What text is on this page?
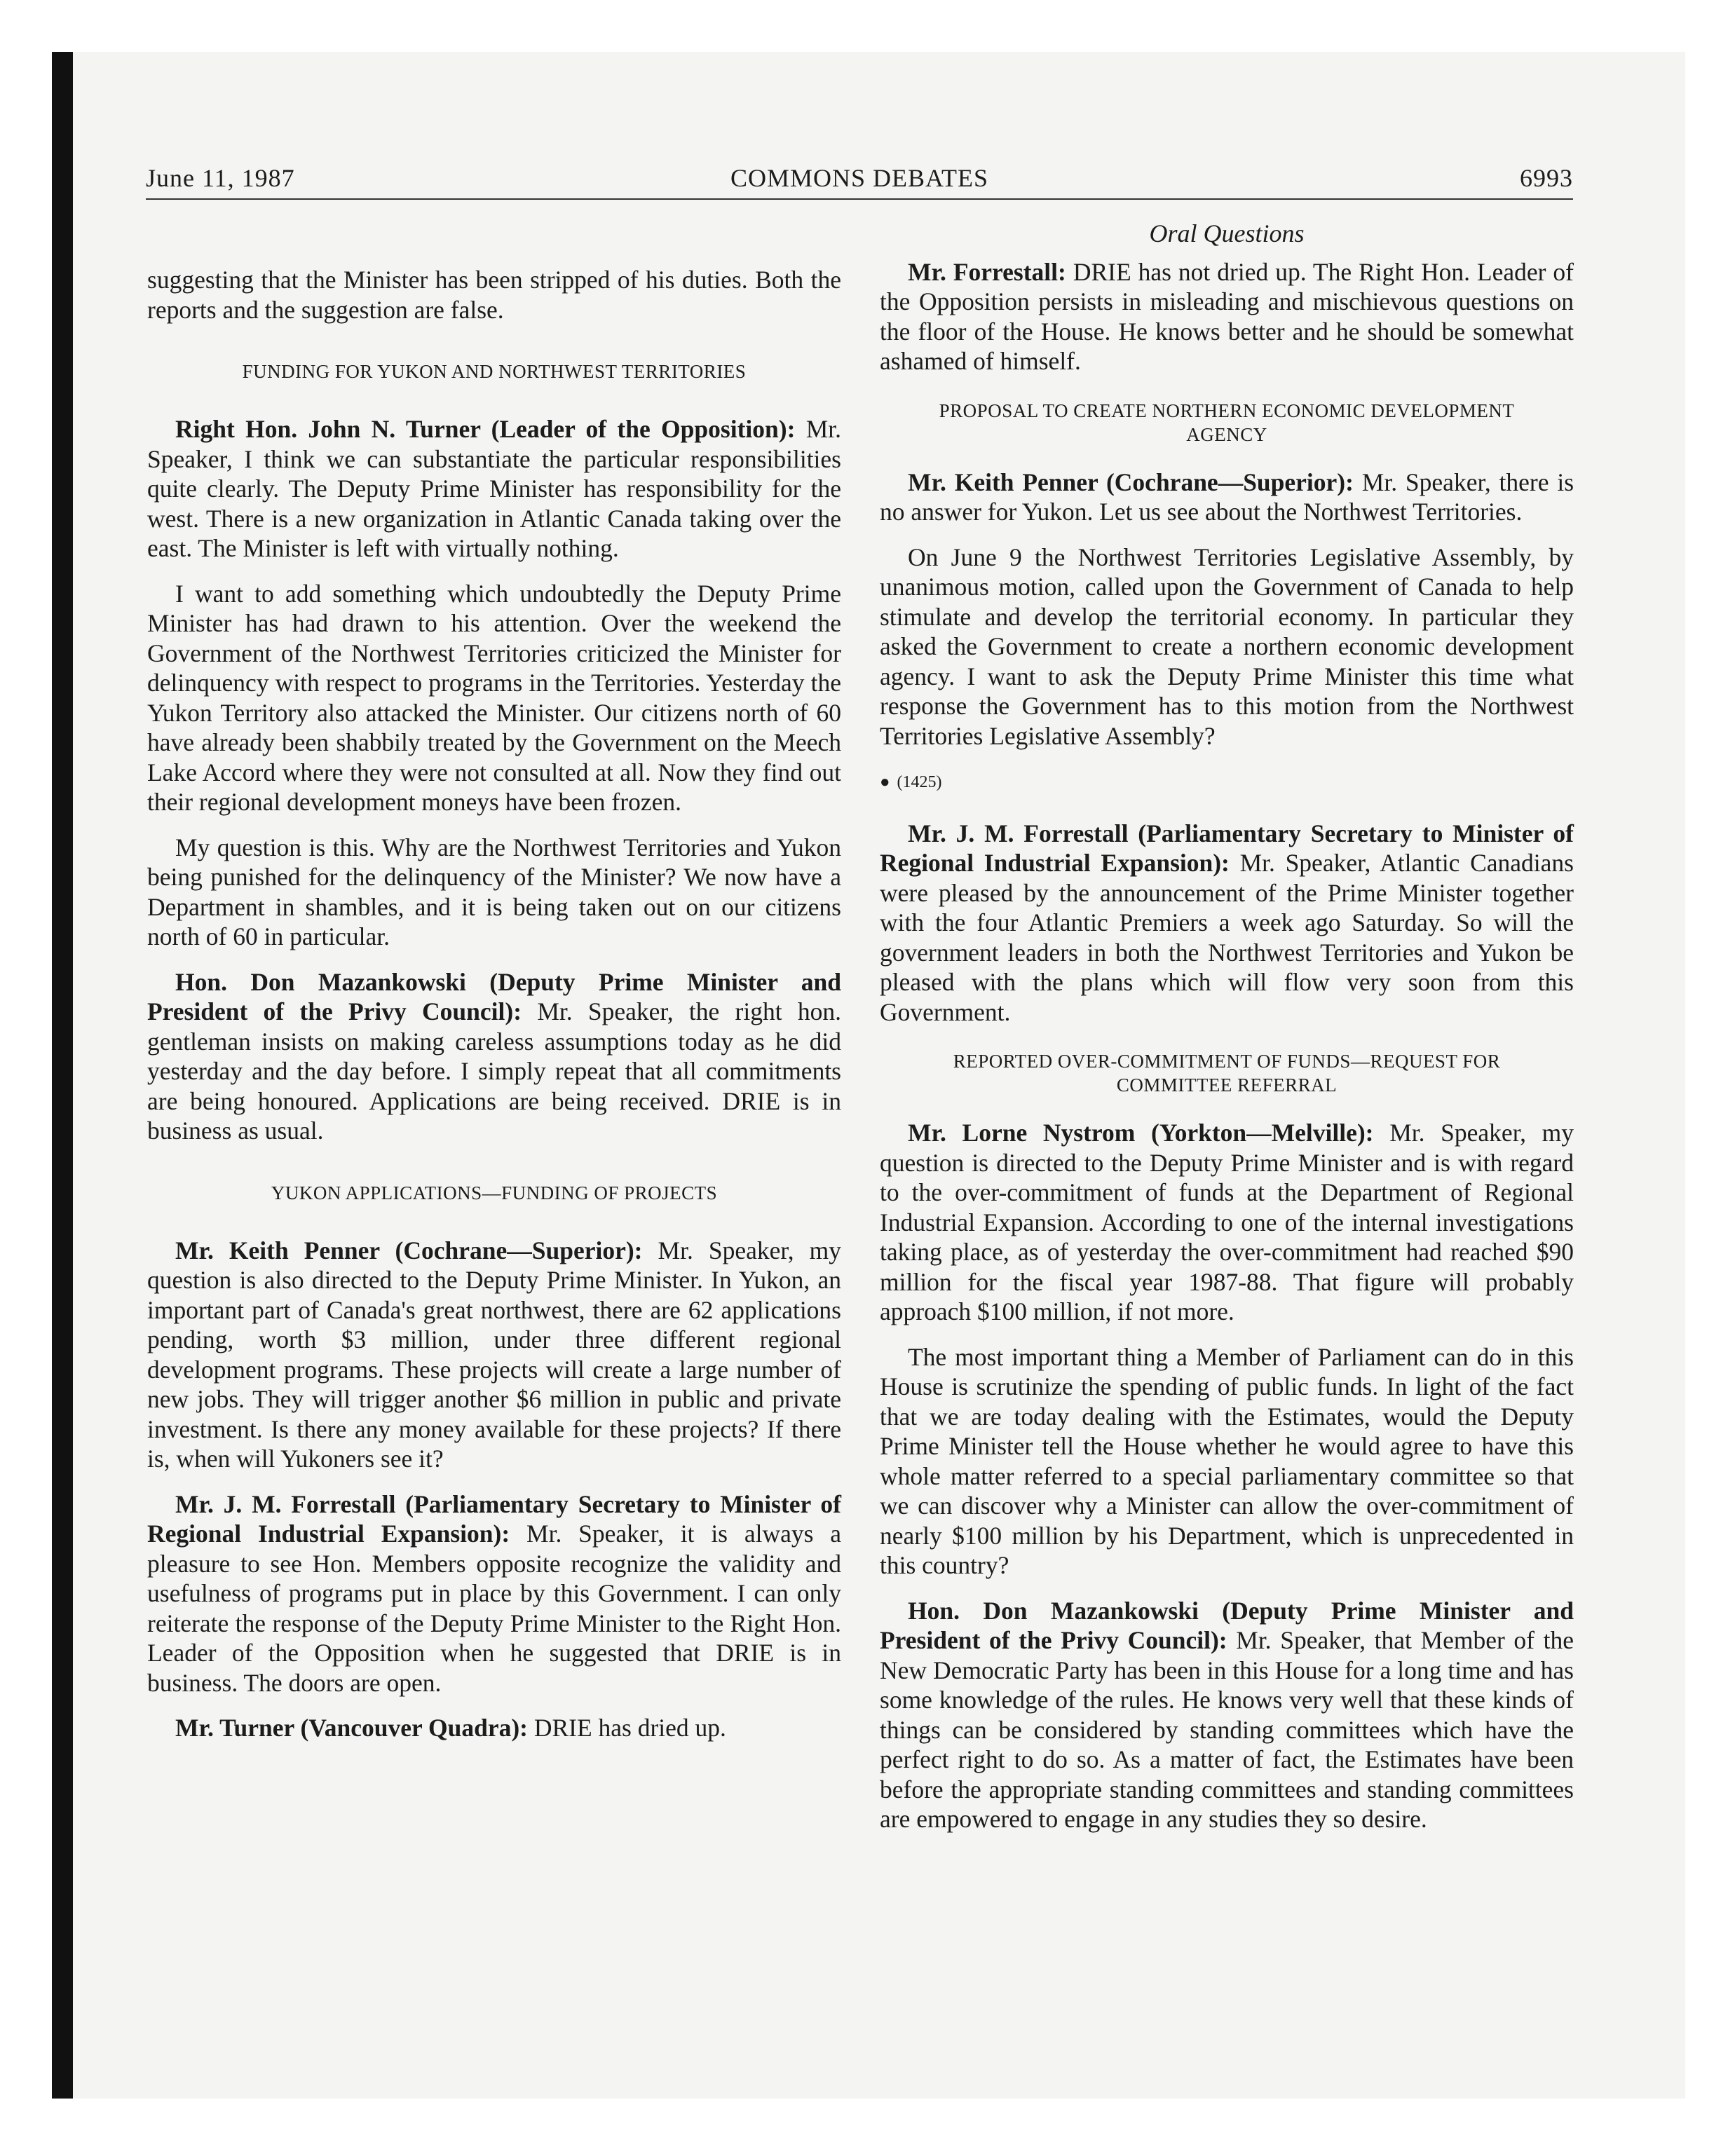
June 11, 1987	COMMONS DEBATES	6993

suggesting that the Minister has been stripped of his duties. Both the reports and the suggestion are false.

FUNDING FOR YUKON AND NORTHWEST TERRITORIES

Right Hon. John N. Turner (Leader of the Opposition): Mr. Speaker, I think we can substantiate the particular responsibilities quite clearly. The Deputy Prime Minister has responsibility for the west. There is a new organization in Atlantic Canada taking over the east. The Minister is left with virtually nothing.

I want to add something which undoubtedly the Deputy Prime Minister has had drawn to his attention. Over the weekend the Government of the Northwest Territories criticized the Minister for delinquency with respect to programs in the Territories. Yesterday the Yukon Territory also attacked the Minister. Our citizens north of 60 have already been shabbily treated by the Government on the Meech Lake Accord where they were not consulted at all. Now they find out their regional development moneys have been frozen.

My question is this. Why are the Northwest Territories and Yukon being punished for the delinquency of the Minister? We now have a Department in shambles, and it is being taken out on our citizens north of 60 in particular.

Hon. Don Mazankowski (Deputy Prime Minister and President of the Privy Council): Mr. Speaker, the right hon. gentleman insists on making careless assumptions today as he did yesterday and the day before. I simply repeat that all commitments are being honoured. Applications are being received. DRIE is in business as usual.

YUKON APPLICATIONS—FUNDING OF PROJECTS

Mr. Keith Penner (Cochrane—Superior): Mr. Speaker, my question is also directed to the Deputy Prime Minister. In Yukon, an important part of Canada's great northwest, there are 62 applications pending, worth $3 million, under three different regional development programs. These projects will create a large number of new jobs. They will trigger another $6 million in public and private investment. Is there any money available for these projects? If there is, when will Yukoners see it?

Mr. J. M. Forrestall (Parliamentary Secretary to Minister of Regional Industrial Expansion): Mr. Speaker, it is always a pleasure to see Hon. Members opposite recognize the validity and usefulness of programs put in place by this Government. I can only reiterate the response of the Deputy Prime Minister to the Right Hon. Leader of the Opposition when he suggested that DRIE is in business. The doors are open.

Mr. Turner (Vancouver Quadra): DRIE has dried up.

Oral Questions

Mr. Forrestall: DRIE has not dried up. The Right Hon. Leader of the Opposition persists in misleading and mischievous questions on the floor of the House. He knows better and he should be somewhat ashamed of himself.

PROPOSAL TO CREATE NORTHERN ECONOMIC DEVELOPMENT
AGENCY

Mr. Keith Penner (Cochrane—Superior): Mr. Speaker, there is no answer for Yukon. Let us see about the Northwest Territories.

On June 9 the Northwest Territories Legislative Assembly, by unanimous motion, called upon the Government of Canada to help stimulate and develop the territorial economy. In particular they asked the Government to create a northern economic development agency. I want to ask the Deputy Prime Minister this time what response the Government has to this motion from the Northwest Territories Legislative Assembly?

● (1425)

Mr. J. M. Forrestall (Parliamentary Secretary to Minister of Regional Industrial Expansion): Mr. Speaker, Atlantic Canadians were pleased by the announcement of the Prime Minister together with the four Atlantic Premiers a week ago Saturday. So will the government leaders in both the Northwest Territories and Yukon be pleased with the plans which will flow very soon from this Government.

REPORTED OVER-COMMITMENT OF FUNDS—REQUEST FOR
COMMITTEE REFERRAL

Mr. Lorne Nystrom (Yorkton—Melville): Mr. Speaker, my question is directed to the Deputy Prime Minister and is with regard to the over-commitment of funds at the Department of Regional Industrial Expansion. According to one of the internal investigations taking place, as of yesterday the over-commitment had reached $90 million for the fiscal year 1987-88. That figure will probably approach $100 million, if not more.

The most important thing a Member of Parliament can do in this House is scrutinize the spending of public funds. In light of the fact that we are today dealing with the Estimates, would the Deputy Prime Minister tell the House whether he would agree to have this whole matter referred to a special parliamentary committee so that we can discover why a Minister can allow the over-commitment of nearly $100 million by his Department, which is unprecedented in this country?

Hon. Don Mazankowski (Deputy Prime Minister and President of the Privy Council): Mr. Speaker, that Member of the New Democratic Party has been in this House for a long time and has some knowledge of the rules. He knows very well that these kinds of things can be considered by standing committees which have the perfect right to do so. As a matter of fact, the Estimates have been before the appropriate standing committees and standing committees are empowered to engage in any studies they so desire.
